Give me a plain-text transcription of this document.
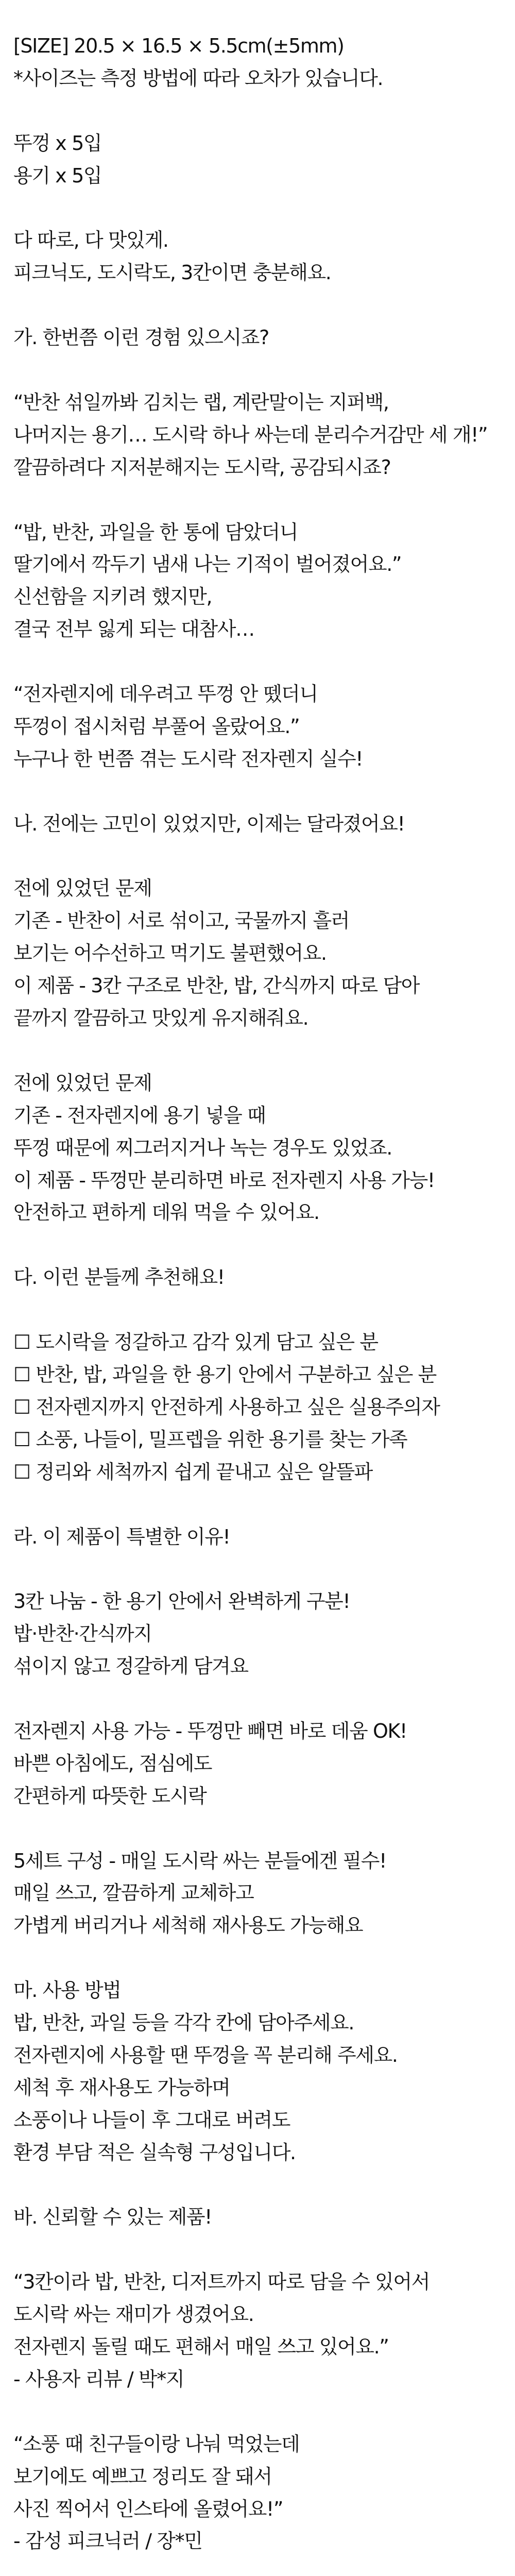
[SIZE] 20.5 × 16.5 × 5.5cm(±5mm)
*사이즈는 측정 방법에 따라 오차가 있습니다.
뚜껑 x 5입
용기 x 5입
다 따로, 다 맛있게.
피크닉도, 도시락도, 3칸이면 충분해요.
가. 한번쯤 이런 경험 있으시죠?
“반찬 섞일까봐 김치는 랩, 계란말이는 지퍼백,
나머지는 용기… 도시락 하나 싸는데 분리수거감만 세 개!”
깔끔하려다 지저분해지는 도시락, 공감되시죠?
“밥, 반찬, 과일을 한 통에 담았더니
딸기에서 깍두기 냄새 나는 기적이 벌어졌어요.”
신선함을 지키려 했지만,
결국 전부 잃게 되는 대참사…
“전자렌지에 데우려고 뚜껑 안 뗐더니
뚜껑이 접시처럼 부풀어 올랐어요.”
누구나 한 번쯤 겪는 도시락 전자렌지 실수!
나. 전에는 고민이 있었지만, 이제는 달라졌어요!
전에 있었던 문제
기존 - 반찬이 서로 섞이고, 국물까지 흘러
보기는 어수선하고 먹기도 불편했어요.
이 제품 - 3칸 구조로 반찬, 밥, 간식까지 따로 담아
끝까지 깔끔하고 맛있게 유지해줘요.
전에 있었던 문제
기존 - 전자렌지에 용기 넣을 때
뚜껑 때문에 찌그러지거나 녹는 경우도 있었죠.
이 제품 - 뚜껑만 분리하면 바로 전자렌지 사용 가능!
안전하고 편하게 데워 먹을 수 있어요.
다. 이런 분들께 추천해요!
☐ 도시락을 정갈하고 감각 있게 담고 싶은 분
☐ 반찬, 밥, 과일을 한 용기 안에서 구분하고 싶은 분
☐ 전자렌지까지 안전하게 사용하고 싶은 실용주의자
☐ 소풍, 나들이, 밀프렙을 위한 용기를 찾는 가족
☐ 정리와 세척까지 쉽게 끝내고 싶은 알뜰파
라. 이 제품이 특별한 이유!
3칸 나눔 - 한 용기 안에서 완벽하게 구분!
밥·반찬·간식까지
섞이지 않고 정갈하게 담겨요
전자렌지 사용 가능 - 뚜껑만 빼면 바로 데움 OK!
바쁜 아침에도, 점심에도
간편하게 따뜻한 도시락
5세트 구성 - 매일 도시락 싸는 분들에겐 필수!
매일 쓰고, 깔끔하게 교체하고
가볍게 버리거나 세척해 재사용도 가능해요
마. 사용 방법
밥, 반찬, 과일 등을 각각 칸에 담아주세요.
전자렌지에 사용할 땐 뚜껑을 꼭 분리해 주세요.
세척 후 재사용도 가능하며
소풍이나 나들이 후 그대로 버려도
환경 부담 적은 실속형 구성입니다.
바. 신뢰할 수 있는 제품!
“3칸이라 밥, 반찬, 디저트까지 따로 담을 수 있어서
도시락 싸는 재미가 생겼어요.
전자렌지 돌릴 때도 편해서 매일 쓰고 있어요.”
- 사용자 리뷰 / 박*지
“소풍 때 친구들이랑 나눠 먹었는데
보기에도 예쁘고 정리도 잘 돼서
사진 찍어서 인스타에 올렸어요!”
- 감성 피크닉러 / 장*민
